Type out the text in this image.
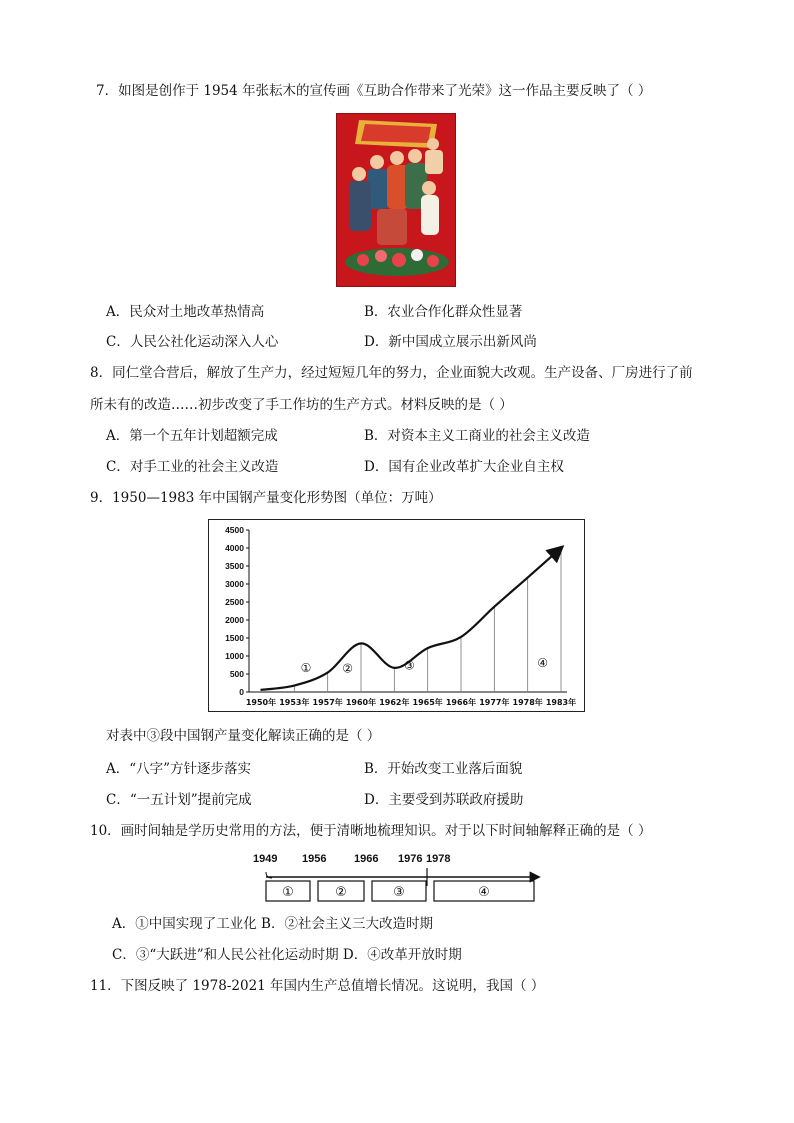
7．如图是创作于 1954 年张耘木的宣传画《互助合作带来了光荣》这一作品主要反映了（ ）
A．民众对土地改革热情高	B．农业合作化群众性显著
C．人民公社化运动深入人心	D．新中国成立展示出新风尚
8．同仁堂合营后，解放了生产力，经过短短几年的努力，企业面貌大改观。生产设备、厂房进行了前
所未有的改造……初步改变了手工作坊的生产方式。材料反映的是（ ）
A．第一个五年计划超额完成	B．对资本主义工商业的社会主义改造
C．对手工业的社会主义改造	D．国有企业改革扩大企业自主权
9．1950—1983 年中国钢产量变化形势图（单位：万吨）
0
500
1000
1500
2000
2500
3000
3500
4000
4500
1950年 1953年 1957年 1960年 1962年 1965年 1966年 1977年 1978年 1983年
①	②	③	④
对表中③段中国钢产量变化解读正确的是（ ）
A．“八字”方针逐步落实	B．开始改变工业落后面貌
C．“一五计划”提前完成	D．主要受到苏联政府援助
10．画时间轴是学历史常用的方法，便于清晰地梳理知识。对于以下时间轴解释正确的是（ ）
1949 1956	1966 1976 1978
①	②	③	④
A．①中国实现了工业化 B．②社会主义三大改造时期
C．③“大跃进”和人民公社化运动时期 D．④改革开放时期
11．下图反映了 1978-2021 年国内生产总值增长情况。这说明，我国（ ）
